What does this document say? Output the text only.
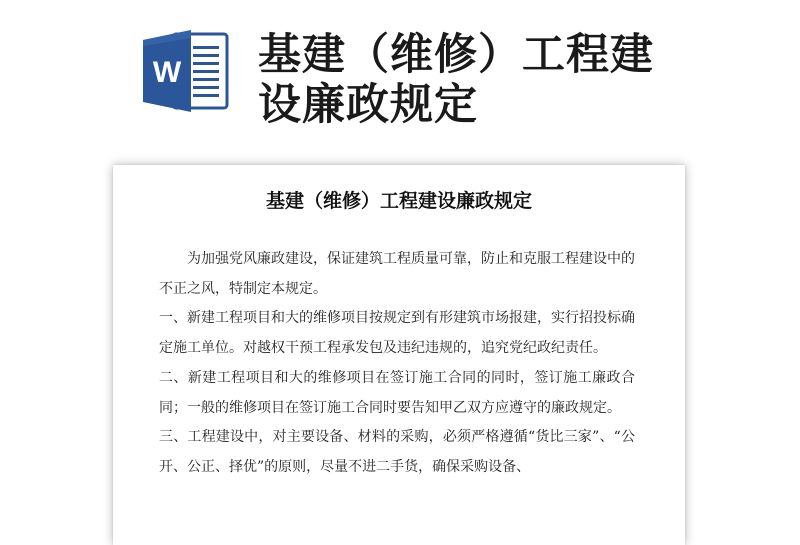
W 基建（维修）工程建设廉政规定
基建（维修）工程建设廉政规定

为加强党风廉政建设，保证建筑工程质量可靠，防止和克服工程建设中的不正之风，特制定本规定。

一、新建工程项目和大的维修项目按规定到有形建筑市场报建，实行招投标确定施工单位。对越权干预工程承发包及违纪违规的，追究党纪政纪责任。

二、新建工程项目和大的维修项目在签订施工合同的同时，签订施工廉政合同；一般的维修项目在签订施工合同时要告知甲乙双方应遵守的廉政规定。

三、工程建设中，对主要设备、材料的采购，必须严格遵循“货比三家”、“公开、公正、择优”的原则，尽量不进二手货，确保采购设备、
